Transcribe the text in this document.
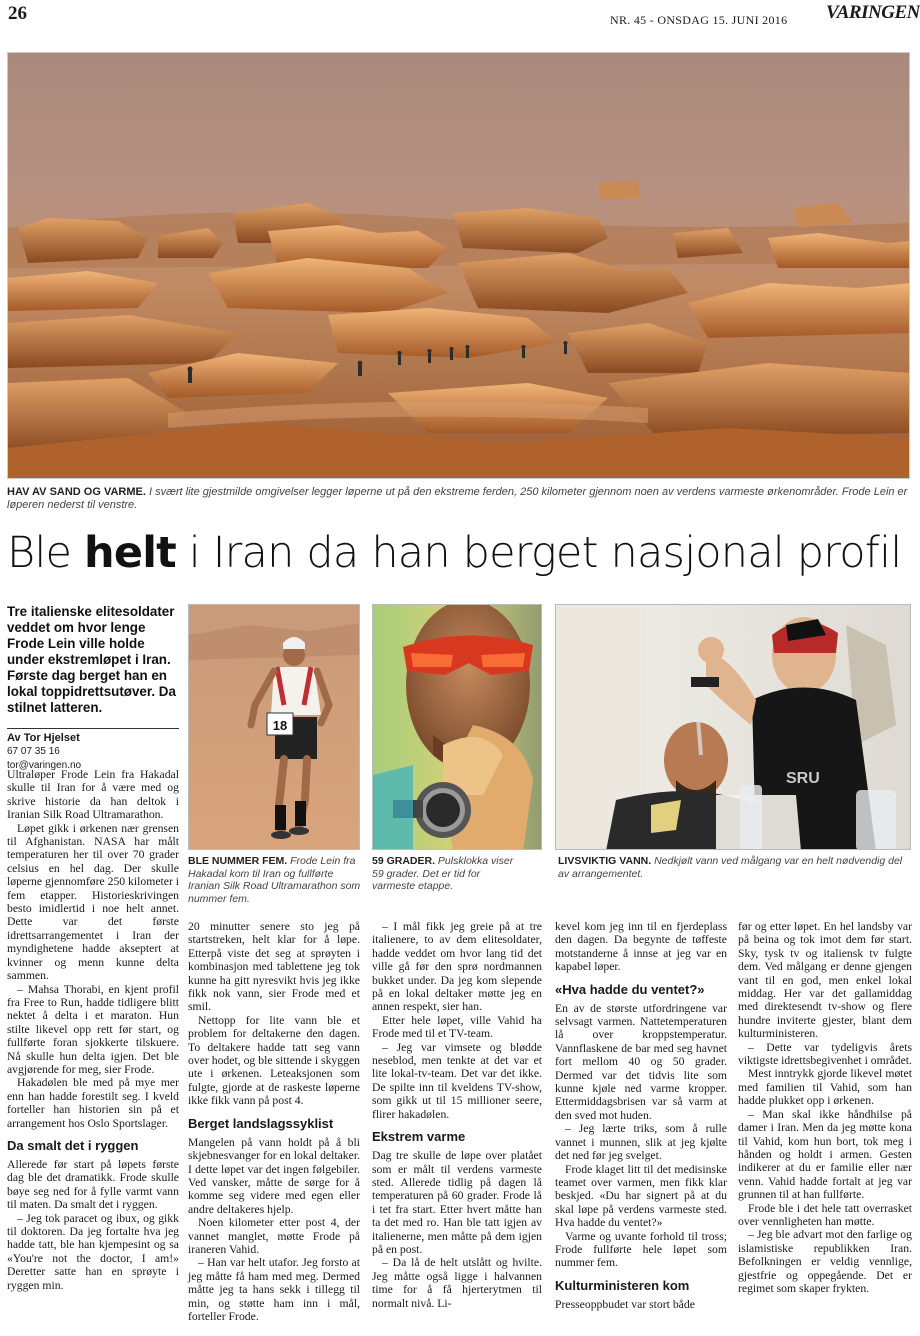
26	NR. 45 - ONSDAG 15. JUNI 2016 VARINGEN
HAV AV SAND OG VARME. I svært lite gjestmilde omgivelser legger løperne ut på den ekstreme ferden, 250 kilometer gjennom noen av verdens varmeste ørkenområder. Frode Lein er løperen nederst til venstre.
Ble helt i Iran da han berget nasjonal profil
Tre italienske elitesoldater veddet om hvor lenge Frode Lein ville holde under ekstremløpet i Iran. Første dag berget han en lokal toppidrettsutøver. Da stilnet latteren.
Av Tor Hjelset
67 07 35 16
tor@varingen.no
18
BLE NUMMER FEM. Frode Lein fra Hakadal kom til Iran og fullførte Iranian Silk Road Ultramarathon som nummer fem.
59 GRADER. Pulsklokka viser 59 grader. Det er tid for varmeste etappe.
SRU
LIVSVIKTIG VANN. Nedkjølt vann ved målgang var en helt nødvendig del av arrangementet.

Ultraløper Frode Lein fra Hakadal skulle til Iran for å være med og skrive historie da han deltok i Iranian Silk Road Ultramarathon.

Løpet gikk i ørkenen nær grensen til Afghanistan. NASA har målt temperaturen her til over 70 grader celsius en hel dag. Der skulle løperne gjennomføre 250 kilometer i fem etapper. Historieskrivingen besto imidlertid i noe helt annet. Dette var det første idrettsarrangementet i Iran der myndighetene hadde akseptert at kvinner og menn kunne delta sammen.

– Mahsa Thorabi, en kjent profil fra Free to Run, hadde tidligere blitt nektet å delta i et maraton. Hun stilte likevel opp rett før start, og fullførte foran sjokkerte tilskuere. Nå skulle hun delta igjen. Det ble avgjørende for meg, sier Frode.

Hakadølen ble med på mye mer enn han hadde forestilt seg. I kveld forteller han historien sin på et arrangement hos Oslo Sportslager.

Da smalt det i ryggen

Allerede før start på løpets første dag ble det dramatikk. Frode skulle bøye seg ned for å fylle varmt vann til maten. Da smalt det i ryggen.

– Jeg tok paracet og ibux, og gikk til doktoren. Da jeg fortalte hva jeg hadde tatt, ble han kjempesint og sa «You're not the doctor, I am!» Deretter satte han en sprøyte i ryggen min.

20 minutter senere sto jeg på startstreken, helt klar for å løpe. Etterpå viste det seg at sprøyten i kombinasjon med tablettene jeg tok kunne ha gitt nyresvikt hvis jeg ikke fikk nok vann, sier Frode med et smil.

Nettopp for lite vann ble et problem for deltakerne den dagen. To deltakere hadde tatt seg vann over hodet, og ble sittende i skyggen ute i ørkenen. Leteaksjonen som fulgte, gjorde at de raskeste løperne ikke fikk vann på post 4.

Berget landslagssyklist

Mangelen på vann holdt på å bli skjebnesvanger for en lokal deltaker. I dette løpet var det ingen følgebiler. Ved vansker, måtte de sørge for å komme seg videre med egen eller andre deltakeres hjelp.

Noen kilometer etter post 4, der vannet manglet, møtte Frode på iraneren Vahid.

– Han var helt utafor. Jeg forsto at jeg måtte få ham med meg. Dermed måtte jeg ta hans sekk i tillegg til min, og støtte ham inn i mål, forteller Frode.

– I mål fikk jeg greie på at tre italienere, to av dem elitesoldater, hadde veddet om hvor lang tid det ville gå før den sprø nordmannen bukket under. Da jeg kom slepende på en lokal deltaker møtte jeg en annen respekt, sier han.

Etter hele løpet, ville Vahid ha Frode med til et TV-team.

– Jeg var vimsete og blødde neseblod, men tenkte at det var et lite lokal-tv-team. Det var det ikke. De spilte inn til kveldens TV-show, som gikk ut til 15 millioner seere, flirer hakadølen.

Ekstrem varme

Dag tre skulle de løpe over platået som er målt til verdens varmeste sted. Allerede tidlig på dagen lå temperaturen på 60 grader. Frode lå i tet fra start. Etter hvert måtte han ta det med ro. Han ble tatt igjen av italienerne, men måtte på dem igjen på en post.

– Da lå de helt utslått og hvilte. Jeg måtte også ligge i halvannen time for å få hjerterytmen til normalt nivå. Li-

kevel kom jeg inn til en fjerdeplass den dagen. Da begynte de tøffeste motstanderne å innse at jeg var en kapabel løper.

«Hva hadde du ventet?»

En av de største utfordringene var selvsagt varmen. Nattetemperaturen lå over kroppstemperatur. Vannflaskene de bar med seg havnet fort mellom 40 og 50 grader. Dermed var det tidvis lite som kunne kjøle ned varme kropper. Ettermiddagsbrisen var så varm at den sved mot huden.

– Jeg lærte triks, som å rulle vannet i munnen, slik at jeg kjølte det ned før jeg svelget.

Frode klaget litt til det medisinske teamet over varmen, men fikk klar beskjed. «Du har signert på at du skal løpe på verdens varmeste sted. Hva hadde du ventet?»

Varme og uvante forhold til tross; Frode fullførte hele løpet som nummer fem.

Kulturministeren kom

Presseoppbudet var stort både

før og etter løpet. En hel landsby var på beina og tok imot dem før start. Sky, tysk tv og italiensk tv fulgte dem. Ved målgang er denne gjengen vant til en god, men enkel lokal middag. Her var det gallamiddag med direktesendt tv-show og flere hundre inviterte gjester, blant dem kulturministeren.

– Dette var tydeligvis årets viktigste idrettsbegivenhet i området.

Mest inntrykk gjorde likevel møtet med familien til Vahid, som han hadde plukket opp i ørkenen.

– Man skal ikke håndhilse på damer i Iran. Men da jeg møtte kona til Vahid, kom hun bort, tok meg i hånden og holdt i armen. Gesten indikerer at du er familie eller nær venn. Vahid hadde fortalt at jeg var grunnen til at han fullførte.

Frode ble i det hele tatt overrasket over vennligheten han møtte.

– Jeg ble advart mot den farlige og islamistiske republikken Iran. Befolkningen er veldig vennlige, gjestfrie og oppegående. Det er regimet som skaper frykten.
